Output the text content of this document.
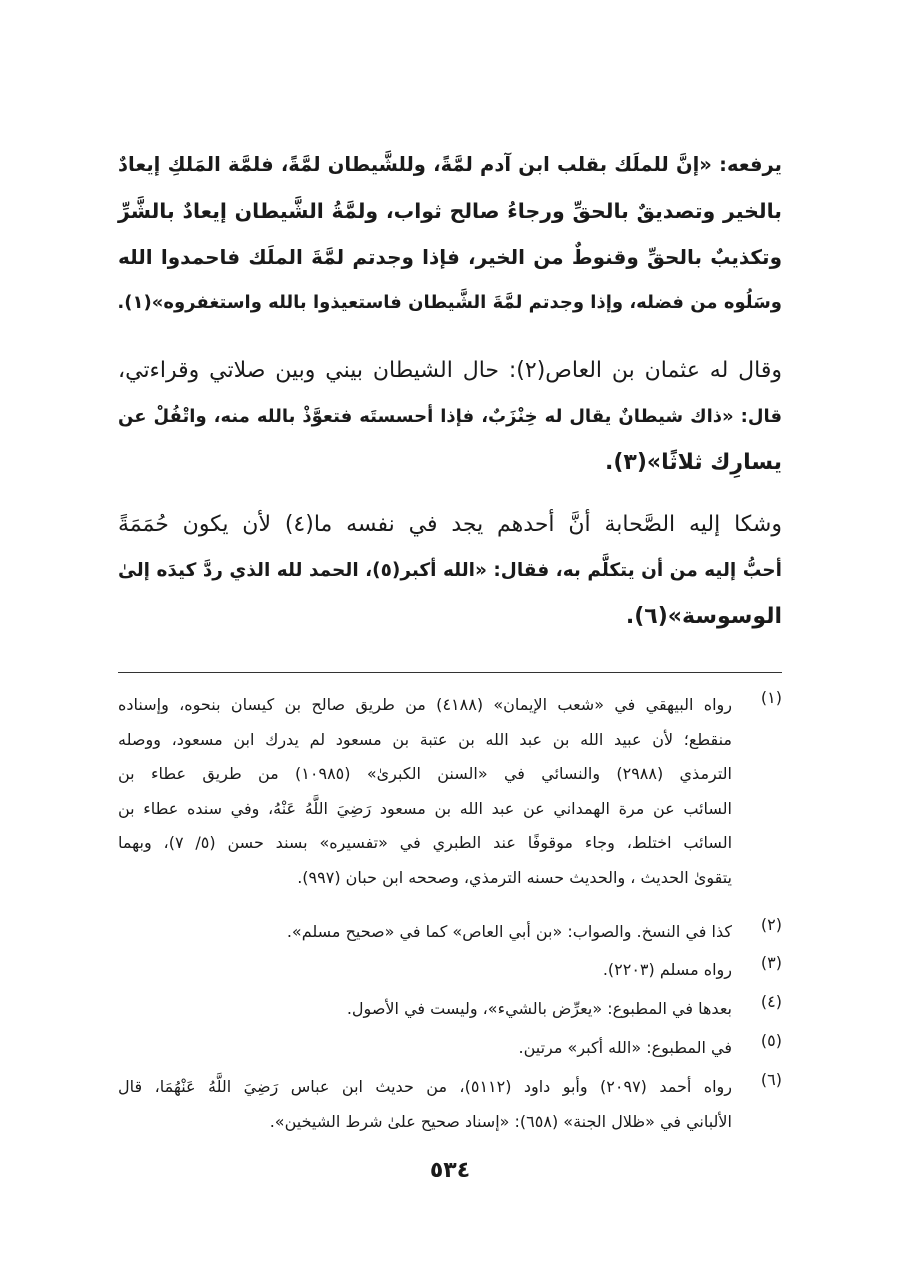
يرفعه: «إنَّ للملَك بقلب ابن آدم لمَّةً، وللشَّيطان لمَّةً، فلمَّة المَلكِ إيعادٌ
بالخير وتصديقٌ بالحقِّ ورجاءُ صالح ثواب، ولمَّةُ الشَّيطان إيعادٌ بالشَّرِّ
وتكذيبٌ بالحقِّ وقنوطٌ من الخير، فإذا وجدتم لمَّةَ الملَك فاحمدوا الله
وسَلُوه من فضله، وإذا وجدتم لمَّةَ الشَّيطان فاستعيذوا بالله واستغفروه»(١).
وقال له عثمان بن العاص(٢): حال الشيطان بيني وبين صلاتي وقراءتي،
قال: «ذاك شيطانٌ يقال له خِنْزَبٌ، فإذا أحسستَه فتعوَّذْ بالله منه، واتْفُلْ عن
يسارِك ثلاثًا»(٣).
وشكا إليه الصَّحابة أنَّ أحدهم يجد في نفسه ما(٤) لأن يكون حُمَمَةً
أحبُّ إليه من أن يتكلَّم به، فقال: «الله أكبر(٥)، الحمد لله الذي ردَّ كيدَه إلىٰ
الوسوسة»(٦).
(١)
رواه البيهقي في «شعب الإيمان» (٤١٨٨) من طريق صالح بن كيسان بنحوه، وإسناده
منقطع؛ لأن عبيد الله بن عبد الله بن عتبة بن مسعود لم يدرك ابن مسعود، ووصله
الترمذي (٢٩٨٨) والنسائي في «السنن الكبرىٰ» (١٠٩٨٥) من طريق عطاء بن
السائب عن مرة الهمداني عن عبد الله بن مسعود رَضِيَ اللَّهُ عَنْهُ، وفي سنده عطاء بن
السائب اختلط، وجاء موقوفًا عند الطبري في «تفسيره» بسند حسن (٥/ ٧)، وبهما
يتقوىٰ الحديث ، والحديث حسنه الترمذي، وصححه ابن حبان (٩٩٧).
(٢)
كذا في النسخ. والصواب: «بن أبي العاص» كما في «صحيح مسلم».
(٣)
رواه مسلم (٢٢٠٣).
(٤)
بعدها في المطبوع: «يعرِّض بالشيء»، وليست في الأصول.
(٥)
في المطبوع: «الله أكبر» مرتين.
(٦)
رواه أحمد (٢٠٩٧) وأبو داود (٥١١٢)، من حديث ابن عباس رَضِيَ اللَّهُ عَنْهُمَا، قال
الألباني في «ظلال الجنة» (٦٥٨): «إسناد صحيح علىٰ شرط الشيخين».
٥٣٤
